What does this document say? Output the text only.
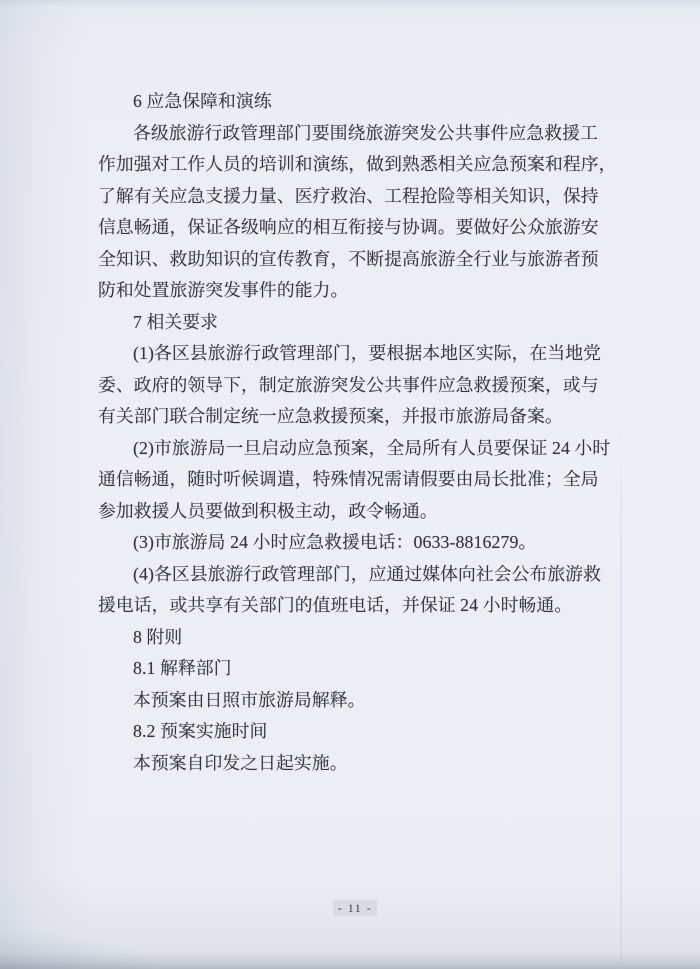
6 应急保障和演练
各级旅游行政管理部门要围绕旅游突发公共事件应急救援工
作加强对工作人员的培训和演练，做到熟悉相关应急预案和程序，
了解有关应急支援力量、医疗救治、工程抢险等相关知识，保持
信息畅通，保证各级响应的相互衔接与协调。要做好公众旅游安
全知识、救助知识的宣传教育，不断提高旅游全行业与旅游者预
防和处置旅游突发事件的能力。
7 相关要求
(1)各区县旅游行政管理部门，要根据本地区实际，在当地党
委、政府的领导下，制定旅游突发公共事件应急救援预案，或与
有关部门联合制定统一应急救援预案，并报市旅游局备案。
(2)市旅游局一旦启动应急预案，全局所有人员要保证 24 小时
通信畅通，随时听候调遣，特殊情况需请假要由局长批准；全局
参加救援人员要做到积极主动，政令畅通。
(3)市旅游局 24 小时应急救援电话：0633-8816279。
(4)各区县旅游行政管理部门，应通过媒体向社会公布旅游救
援电话，或共享有关部门的值班电话，并保证 24 小时畅通。
8 附则
8.1 解释部门
本预案由日照市旅游局解释。
8.2 预案实施时间
本预案自印发之日起实施。
- 11 -
